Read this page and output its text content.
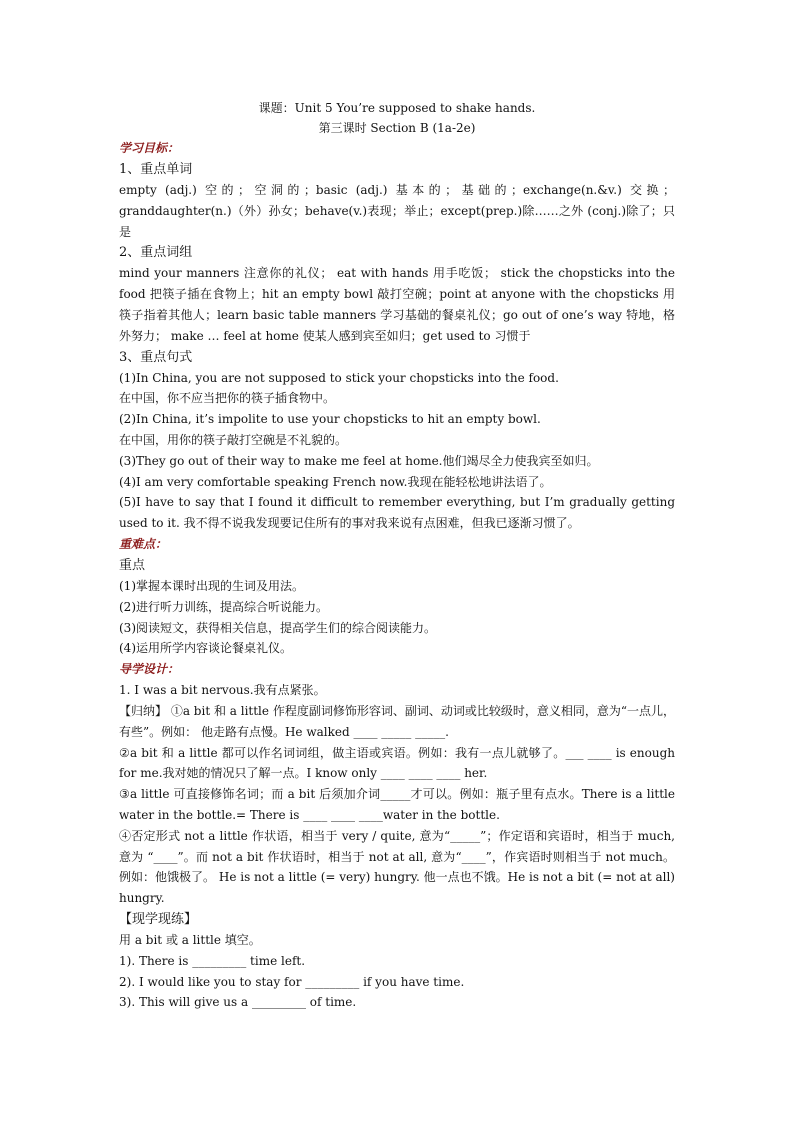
课题：Unit 5 You’re supposed to shake hands.
第三课时 Section B (1a-2e)
学习目标：
1、重点单词
empty (adj.) 空的；空洞的；basic (adj.) 基本的；基础的；exchange(n.&v.) 交换；granddaughter(n.)（外）孙女；behave(v.)表现；举止；except(prep.)除……之外 (conj.)除了；只是
2、重点词组
mind your manners 注意你的礼仪； eat with hands 用手吃饭； stick the chopsticks into the food 把筷子插在食物上；hit an empty bowl 敲打空碗；point at anyone with the chopsticks 用筷子指着其他人；learn basic table manners 学习基础的餐桌礼仪；go out of one’s way 特地，格外努力； make … feel at home 使某人感到宾至如归；get used to 习惯于
3、重点句式
(1)In China, you are not supposed to stick your chopsticks into the food.
在中国，你不应当把你的筷子插食物中。
(2)In China, it’s impolite to use your chopsticks to hit an empty bowl.
在中国，用你的筷子敲打空碗是不礼貌的。
(3)They go out of their way to make me feel at home.他们竭尽全力使我宾至如归。
(4)I am very comfortable speaking French now.我现在能轻松地讲法语了。
(5)I have to say that I found it difficult to remember everything, but I’m gradually getting used to it. 我不得不说我发现要记住所有的事对我来说有点困难，但我已逐渐习惯了。
重难点：
重点
(1)掌握本课时出现的生词及用法。
(2)进行听力训练，提高综合听说能力。
(3)阅读短文，获得相关信息，提高学生们的综合阅读能力。
(4)运用所学内容谈论餐桌礼仪。
导学设计：
1. I was a bit nervous.我有点紧张。
【归纳】 ①a bit 和 a little 作程度副词修饰形容词、副词、动词或比较级时，意义相同，意为“一点儿，有些”。例如： 他走路有点慢。He walked ____ _____ _____.
②a bit 和 a little 都可以作名词词组，做主语或宾语。例如：我有一点儿就够了。___ ____ is enough for me.我对她的情况只了解一点。I know only ____ ____ ____ her.
③a little 可直接修饰名词；而 a bit 后须加介词_____才可以。例如：瓶子里有点水。There is a little water in the bottle.= There is ____ ____ ____water in the bottle.
④否定形式 not a little 作状语，相当于 very / quite, 意为“_____”；作定语和宾语时，相当于 much, 意为 “____”。而 not a bit 作状语时，相当于 not at all, 意为“____”，作宾语时则相当于 not much。例如：他饿极了。 He is not a little (= very) hungry. 他一点也不饿。He is not a bit (= not at all) hungry.
【现学现练】
用 a bit 或 a little 填空。
1). There is _________ time left.
2). I would like you to stay for _________ if you have time.
3). This will give us a _________ of time.
